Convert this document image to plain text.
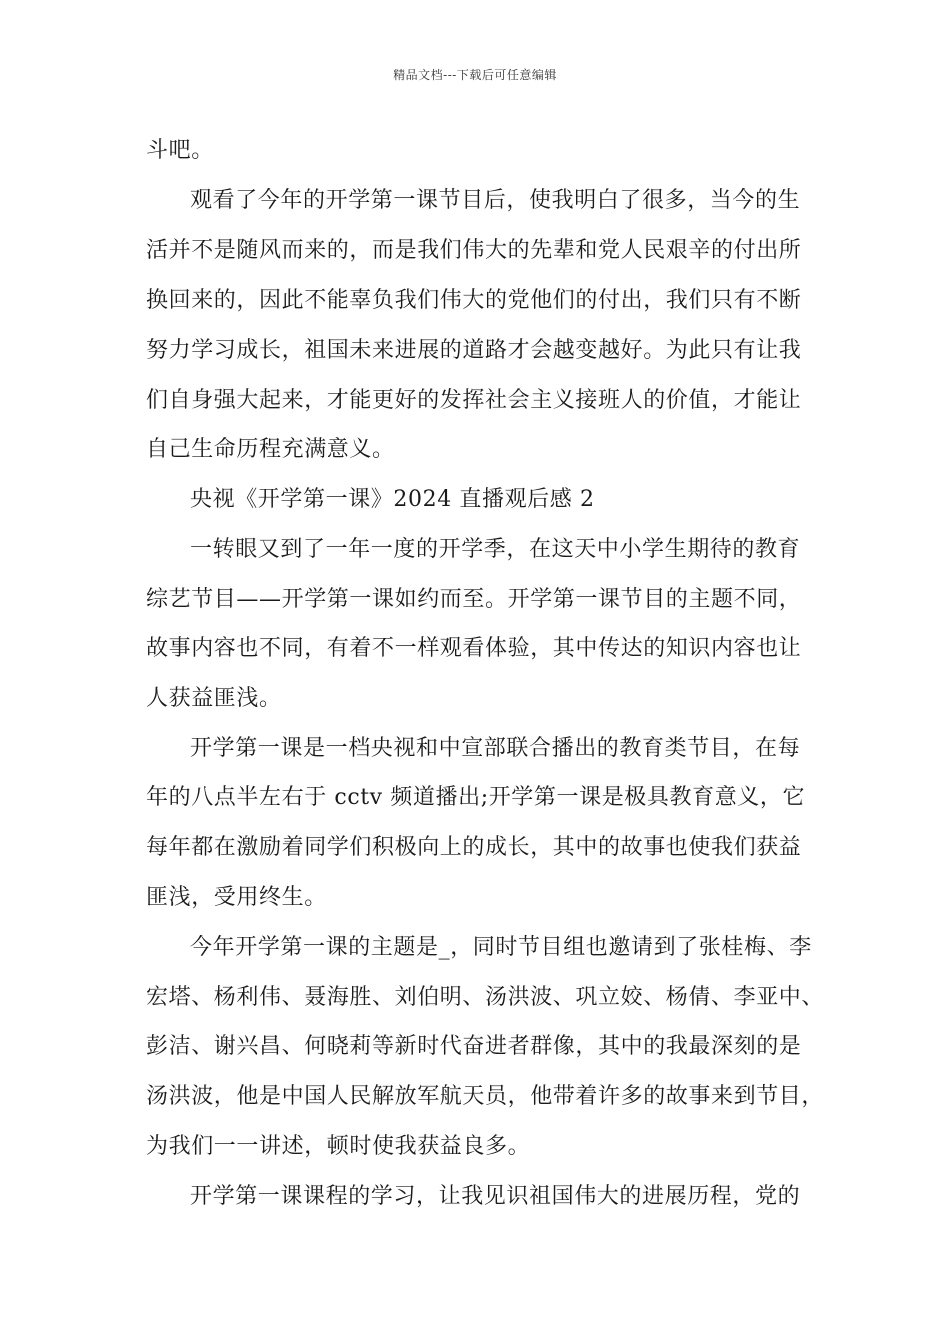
精品文档---下载后可任意编辑
斗吧。
观看了今年的开学第一课节目后，使我明白了很多，当今的生
活并不是随风而来的，而是我们伟大的先辈和党人民艰辛的付出所
换回来的，因此不能辜负我们伟大的党他们的付出，我们只有不断
努力学习成长，祖国未来进展的道路才会越变越好。为此只有让我
们自身强大起来，才能更好的发挥社会主义接班人的价值，才能让
自己生命历程充满意义。
央视《开学第一课》2024 直播观后感 2
一转眼又到了一年一度的开学季，在这天中小学生期待的教育
综艺节目——开学第一课如约而至。开学第一课节目的主题不同，
故事内容也不同，有着不一样观看体验，其中传达的知识内容也让
人获益匪浅。
开学第一课是一档央视和中宣部联合播出的教育类节目，在每
年的八点半左右于 cctv 频道播出;开学第一课是极具教育意义，它
每年都在激励着同学们积极向上的成长，其中的故事也使我们获益
匪浅，受用终生。
今年开学第一课的主题是_，同时节目组也邀请到了张桂梅、李
宏塔、杨利伟、聂海胜、刘伯明、汤洪波、巩立姣、杨倩、李亚中、
彭洁、谢兴昌、何晓莉等新时代奋进者群像，其中的我最深刻的是
汤洪波，他是中国人民解放军航天员，他带着许多的故事来到节目，
为我们一一讲述，顿时使我获益良多。
开学第一课课程的学习，让我见识祖国伟大的进展历程，党的
